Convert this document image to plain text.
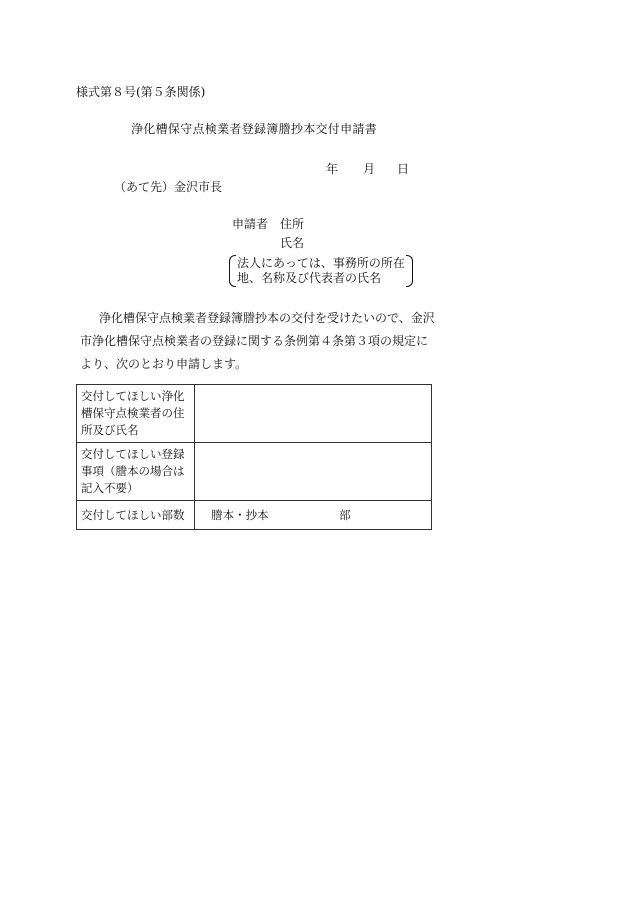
様式第８号(第５条関係)
浄化槽保守点検業者登録簿謄抄本交付申請書
年 月 日
（あて先）金沢市長
申請者 住所
氏名
法人にあっては、事務所の所在
地、名称及び代表者の氏名
浄化槽保守点検業者登録簿謄抄本の交付を受けたいので、金沢
市浄化槽保守点検業者の登録に関する条例第４条第３項の規定に
より、次のとおり申請します。
交付してほしい浄化槽保守点検業者の住所及び氏名	
交付してほしい登録事項（謄本の場合は記入不要）	
交付してほしい部数	謄本・抄本 部
